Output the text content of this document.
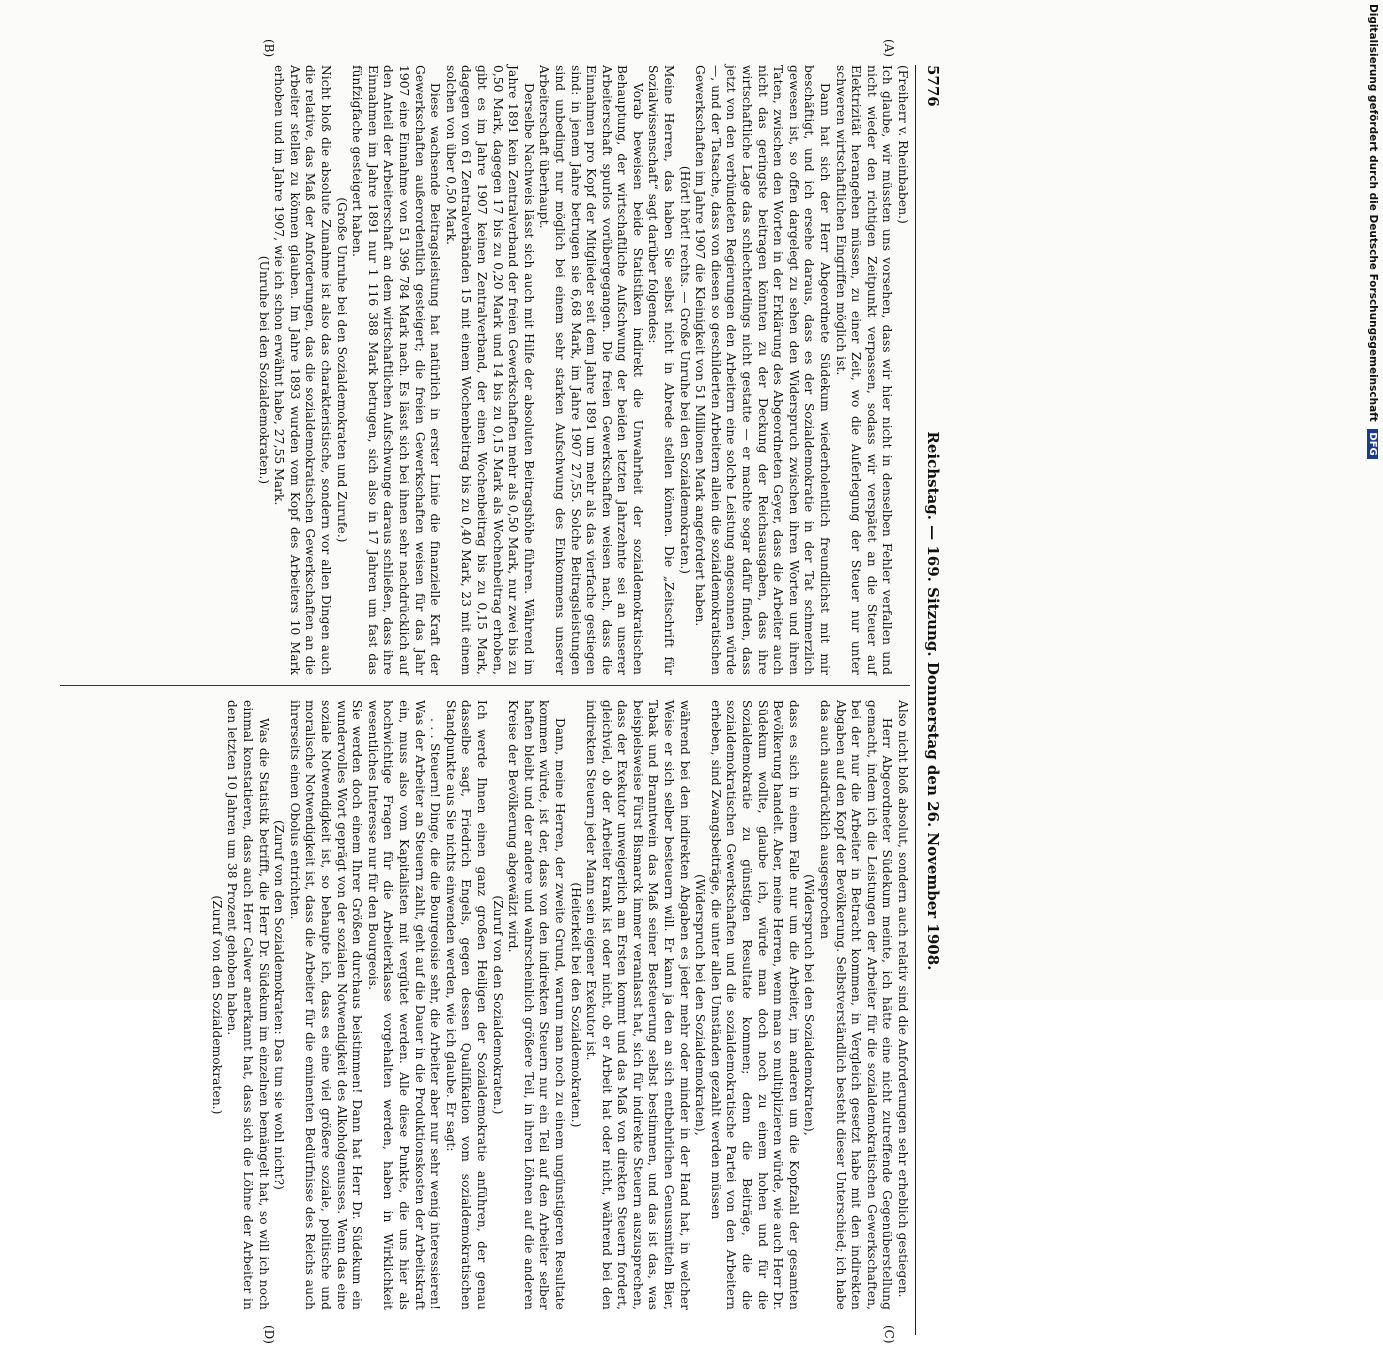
5776
Reichstag. — 169. Sitzung. Donnerstag den 26. November 1908.
(A)
(B)
(C)
(D)

(Freiherr v. Rheinbaben.)

Ich glaube, wir müssten uns vorsehen, dass wir hier nicht in denselben Fehler verfallen und nicht wieder den richtigen Zeitpunkt verpassen, sodass wir verspätet an die Steuer auf Elektrizität herangehen müssen, zu einer Zeit, wo die Auferlegung der Steuer nur unter schweren wirtschaftlichen Eingriffen möglich ist.

Dann hat sich der Herr Abgeordnete Südekum wiederholentlich freundlichst mit mir beschäftigt, und ich ersehe daraus, dass es der Sozialdemokratie in der Tat schmerzlich gewesen ist, so offen dargelegt zu sehen den Widerspruch zwischen ihren Worten und ihren Taten, zwischen den Worten in der Erklärung des Abgeordneten Geyer, dass die Arbeiter auch nicht das geringste beitragen könnten zu der Deckung der Reichsausgaben, dass ihre wirtschaftliche Lage das schlechterdings nicht gestatte — er machte sogar dafür finden, dass jetzt von den verbündeten Regierungen den Arbeitern eine solche Leistung angesonnen würde —, und der Tatsache, dass von diesen so geschilderten Arbeitern allein die sozialdemokratischen Gewerkschaften im Jahre 1907 die Kleinigkeit von 51 Millionen Mark angefordert haben.

(Hört! hört! rechts. — Große Unruhe bei den Sozialdemokraten.)

Meine Herren, das haben Sie selbst nicht in Abrede stellen können. Die „Zeitschrift für Sozialwissenschaft“ sagt darüber folgendes:

Vorab beweisen beide Statistiken indirekt die Unwahrheit der sozialdemokratischen Behauptung, der wirtschaftliche Aufschwung der beiden letzten Jahrzehnte sei an unserer Arbeiterschaft spurlos vorübergegangen. Die freien Gewerkschaften weisen nach, dass die Einnahmen pro Kopf der Mitglieder seit dem Jahre 1891 um mehr als das vierfache gestiegen sind: in jenem Jahre betrugen sie 6,68 Mark, im Jahre 1907 27,55. Solche Beitragsleistungen sind unbedingt nur möglich bei einem sehr starken Aufschwung des Einkommens unserer Arbeiterschaft überhaupt.

Derselbe Nachweis lässt sich auch mit Hilfe der absoluten Beitragshöhe führen. Während im Jahre 1891 kein Zentralverband der freien Gewerkschaften mehr als 0,50 Mark, nur zwei bis zu 0,50 Mark, dagegen 17 bis zu 0,20 Mark und 14 bis zu 0,15 Mark als Wochenbeitrag erhoben, gibt es im Jahre 1907 keinen Zentralverband, der einen Wochenbeitrag bis zu 0,15 Mark, dagegen von 61 Zentralverbänden 15 mit einem Wochenbeitrag bis zu 0,40 Mark, 23 mit einem solchen von über 0,50 Mark.

Diese wachsende Beitragsleistung hat natürlich in erster Linie die finanzielle Kraft der Gewerkschaften außerordentlich gesteigert; die freien Gewerkschaften weisen für das Jahr 1907 eine Einnahme von 51 396 784 Mark nach. Es lässt sich bei ihnen sehr nachdrücklich auf den Anteil der Arbeiterschaft an dem wirtschaftlichen Aufschwunge daraus schließen, dass ihre Einnahmen im Jahre 1891 nur 1 116 388 Mark betrugen, sich also in 17 Jahren um fast das fünfzigfache gesteigert haben.

(Große Unruhe bei den Sozialdemokraten und Zurufe.)

Nicht bloß die absolute Zunahme ist also das charakteristische, sondern vor allen Dingen auch die relative, das Maß der Anforderungen, das die sozialdemokratischen Gewerkschaften an die Arbeiter stellen zu können glauben. Im Jahre 1893 wurden vom Kopf des Arbeiters 10 Mark erhoben und im Jahre 1907, wie ich schon erwähnt habe, 27,55 Mark.

(Unruhe bei den Sozialdemokraten.)

Also nicht bloß absolut, sondern auch relativ sind die Anforderungen sehr erheblich gestiegen.

Herr Abgeordneter Südekum meinte, ich hätte eine nicht zutreffende Gegenüberstellung gemacht, indem ich die Leistungen der Arbeiter für die sozialdemokratischen Gewerkschaften, bei der nur die Arbeiter in Betracht kommen, in Vergleich gesetzt habe mit den indirekten Abgaben auf den Kopf der Bevölkerung. Selbstverständlich besteht dieser Unterschied; ich habe das auch ausdrücklich ausgesprochen

(Widerspruch bei den Sozialdemokraten),

dass es sich in einem Falle nur um die Arbeiter, im anderen um die Kopfzahl der gesamten Bevölkerung handelt. Aber, meine Herren, wenn man so multiplizieren würde, wie auch Herr Dr. Südekum wollte, glaube ich, würde man doch noch zu einem hohen und für die Sozialdemokratie zu günstigen Resultate kommen; denn die Beiträge, die die sozialdemokratischen Gewerkschaften und die sozialdemokratische Partei von den Arbeitern erheben, sind Zwangsbeiträge, die unter allen Umständen gezahlt werden müssen

(Widerspruch bei den Sozialdemokraten),

während bei den indirekten Abgaben es jeder mehr oder minder in der Hand hat, in welcher Weise er sich selber besteuern will. Er kann ja den an sich entbehrlichen Genussmitteln Bier, Tabak und Branntwein das Maß seiner Besteuerung selbst bestimmen, und das ist das, was beispielsweise Fürst Bismarck immer veranlasst hat, sich für indirekte Steuern auszusprechen, dass der Exekutor unweigerlich am Ersten kommt und das Maß von direkten Steuern fordert, gleichviel, ob der Arbeiter krank ist oder nicht, ob er Arbeit hat oder nicht, während bei den indirekten Steuern jeder Mann sein eigener Exekutor ist.

(Heiterkeit bei den Sozialdemokraten.)

Dann, meine Herren, der zweite Grund, warum man noch zu einem ungünstigeren Resultate kommen würde, ist der, dass von den indirekten Steuern nur ein Teil auf den Arbeiter selber haften bleibt und der andere und wahrscheinlich größere Teil, in ihren Löhnen auf die anderen Kreise der Bevölkerung abgewälzt wird.

(Zuruf von den Sozialdemokraten.)

Ich werde Ihnen einen ganz großen Heiligen der Sozialdemokratie anführen, der genau dasselbe sagt, Friedrich Engels, gegen dessen Qualifikation vom sozialdemokratischen Standpunkte aus Sie nichts einwenden werden, wie ich glaube. Er sagt:

. . . Steuern! Dinge, die die Bourgeoisie sehr, die Arbeiter aber nur sehr wenig interessieren! Was der Arbeiter an Steuern zahlt, geht auf die Dauer in die Produktionskosten der Arbeitskraft ein, muss also vom Kapitalisten mit vergütet werden. Alle diese Punkte, die uns hier als hochwichtige Fragen für die Arbeiterklasse vorgehalten werden, haben in Wirklichkeit wesentliches Interesse nur für den Bourgeois.

Sie werden doch einem Ihrer Größen durchaus beistimmen! Dann hat Herr Dr. Südekum ein wundervolles Wort geprägt von der sozialen Notwendigkeit des Alkoholgenusses. Wenn das eine soziale Notwendigkeit ist, so behaupte ich, dass es eine viel größere soziale, politische und moralische Notwendigkeit ist, dass die Arbeiter für die eminenten Bedürfnisse des Reichs auch ihrerseits einen Obolus entrichten.

(Zuruf von den Sozialdemokraten: Das tun sie wohl nicht?)

Was die Statistik betrifft, die Herr Dr. Südekum im einzelnen bemängelt hat, so will ich noch einmal konstatieren, dass auch Herr Calwer anerkannt hat, dass sich die Löhne der Arbeiter in den letzten 10 Jahren um 38 Prozent gehoben haben.

(Zuruf von den Sozialdemokraten.)

Digitalisierung gefördert durch die Deutsche Forschungsgemeinschaft DFG
